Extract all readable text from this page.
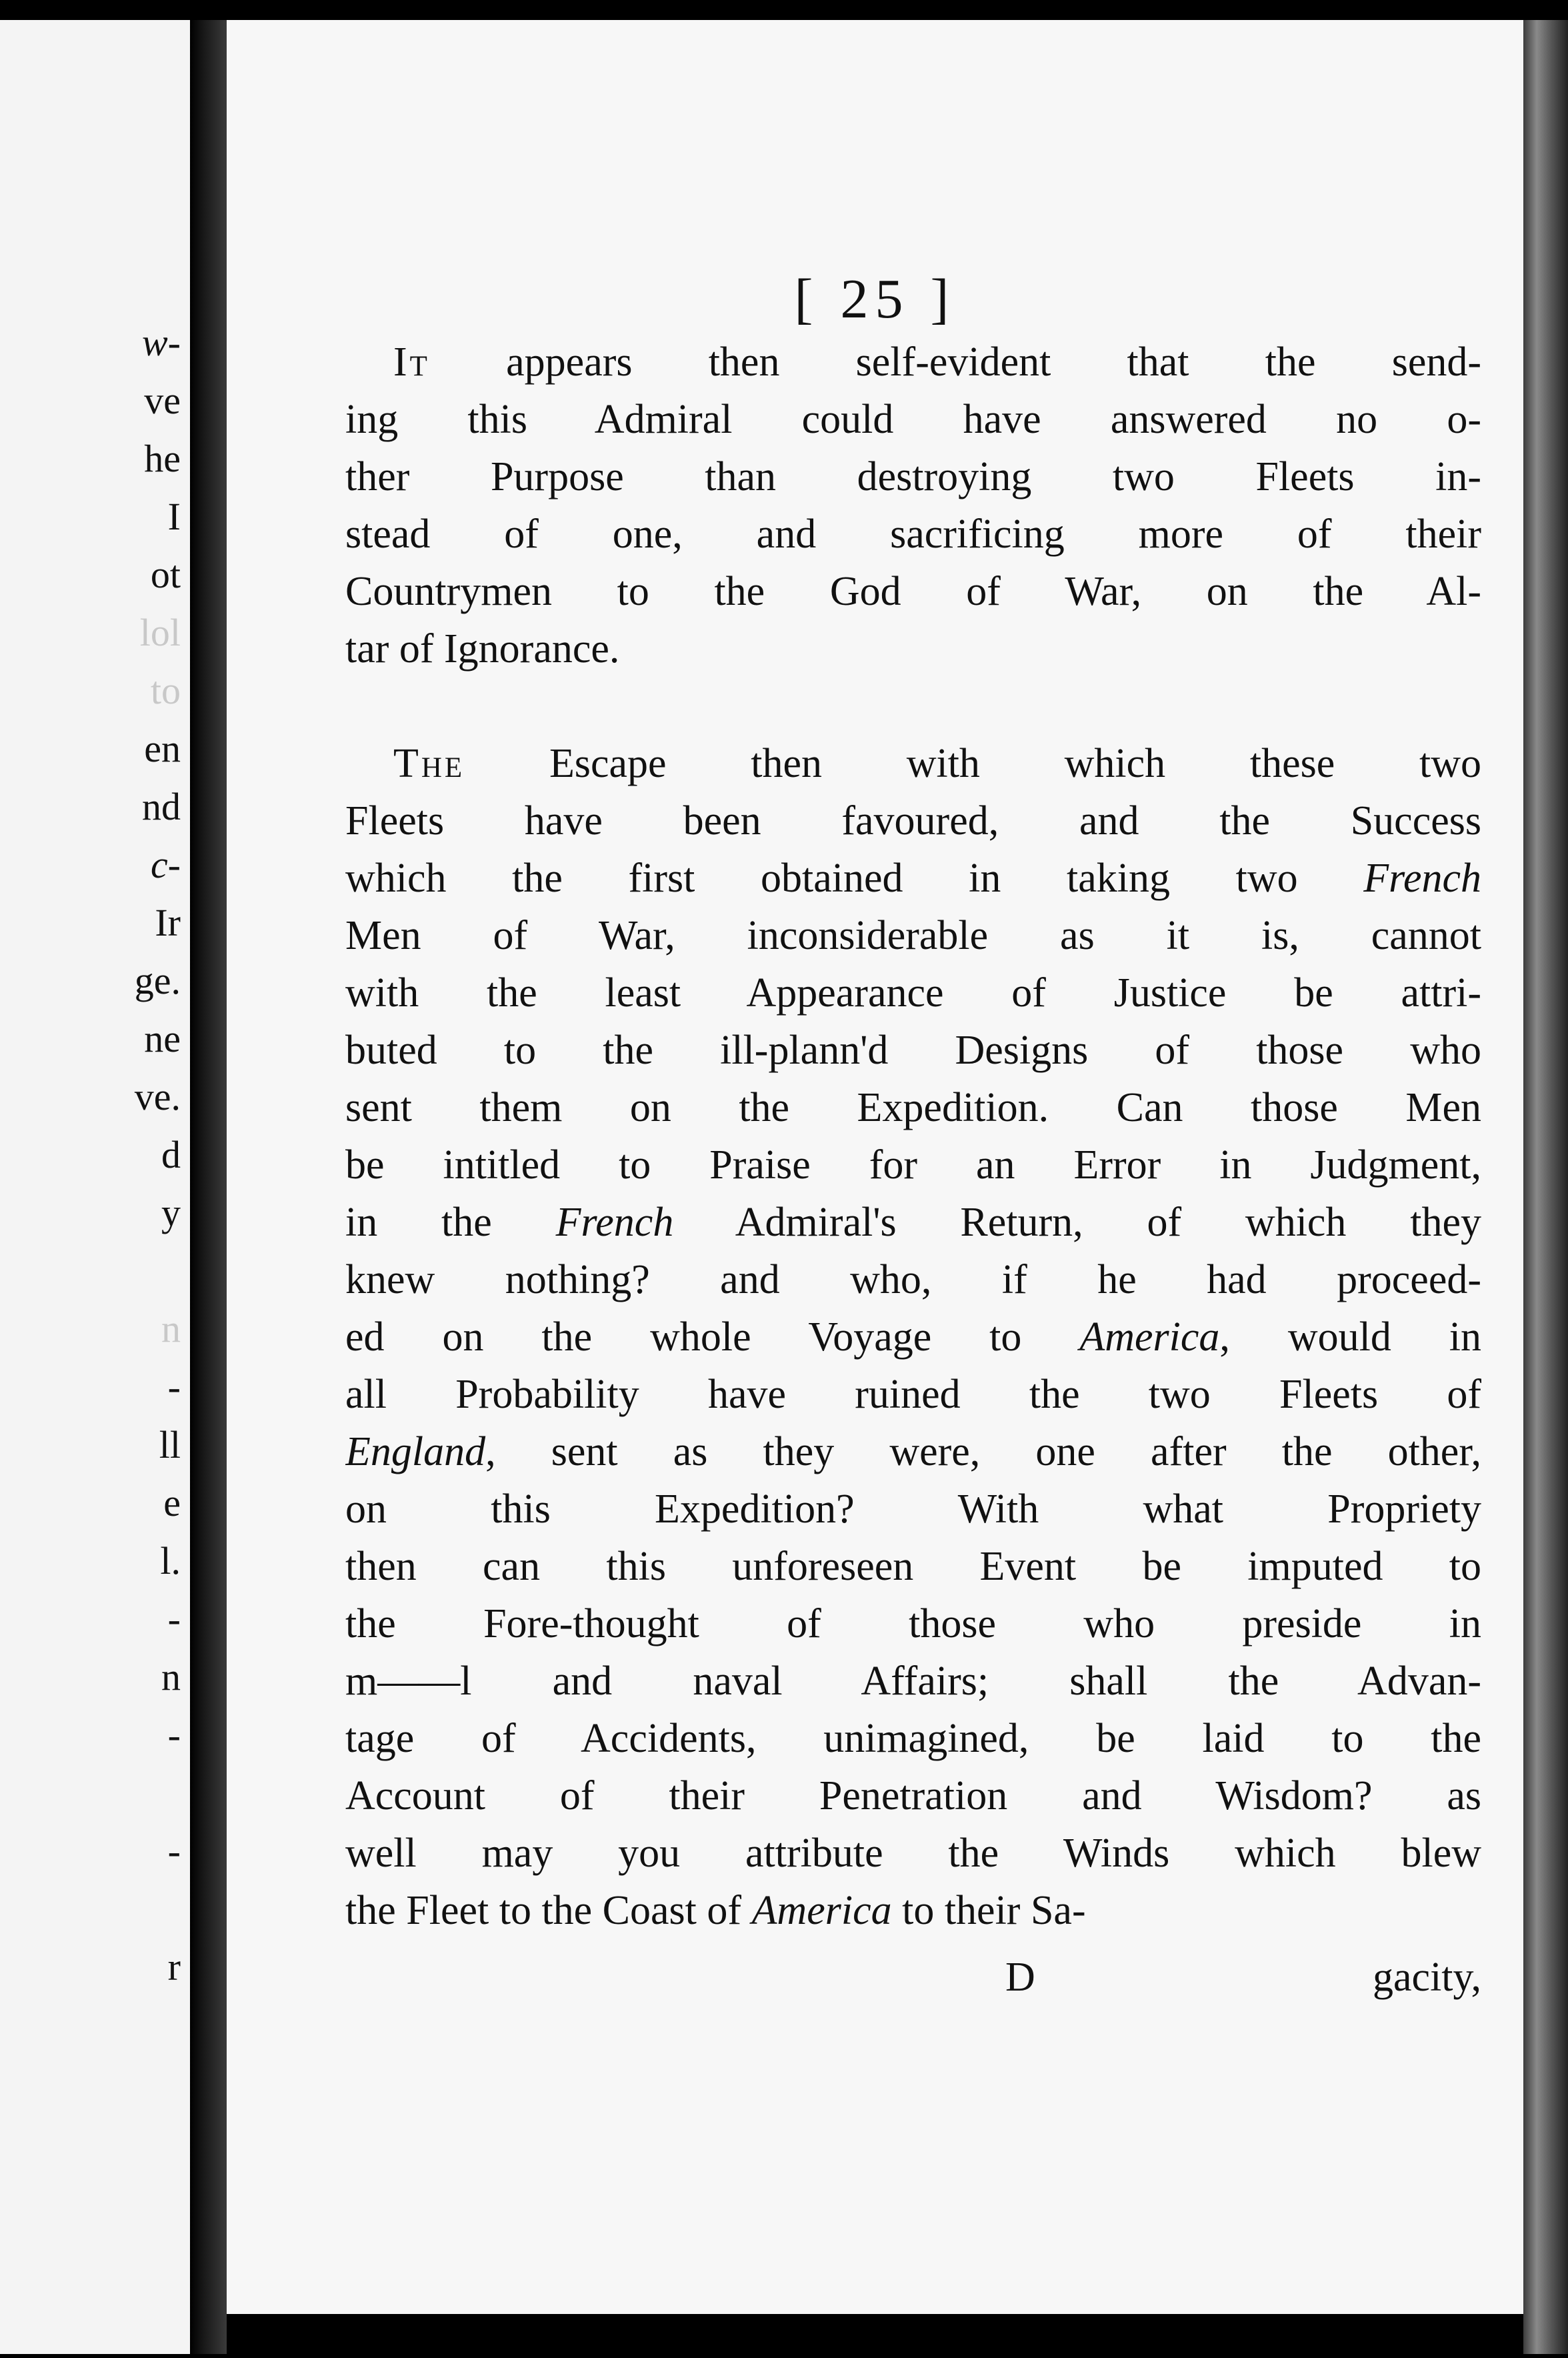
w-
ve
he
I
ot
lol
to
en
nd
c-
Ir
ge.
ne
ve.
d
y
n
-
ll
e
l.
-
n
-
-
r
[ 25 ]
It appears then self-evident that the send-
ing this Admiral could have answered no o-
ther Purpose than destroying two Fleets in-
stead of one, and sacrificing more of their
Countrymen to the God of War, on the Al-
tar of Ignorance.
The Escape then with which these two
Fleets have been favoured, and the Success
which the first obtained in taking two French
Men of War, inconsiderable as it is, cannot
with the least Appearance of Justice be attri-
buted to the ill-plann'd Designs of those who
sent them on the Expedition. Can those Men
be intitled to Praise for an Error in Judgment,
in the French Admiral's Return, of which they
knew nothing? and who, if he had proceed-
ed on the whole Voyage to America, would in
all Probability have ruined the two Fleets of
England, sent as they were, one after the other,
on this Expedition? With what Propriety
then can this unforeseen Event be imputed to
the Fore-thought of those who preside in
m——l and naval Affairs; shall the Advan-
tage of Accidents, unimagined, be laid to the
Account of their Penetration and Wisdom? as
well may you attribute the Winds which blew
the Fleet to the Coast of America to their Sa-
D	gacity,
